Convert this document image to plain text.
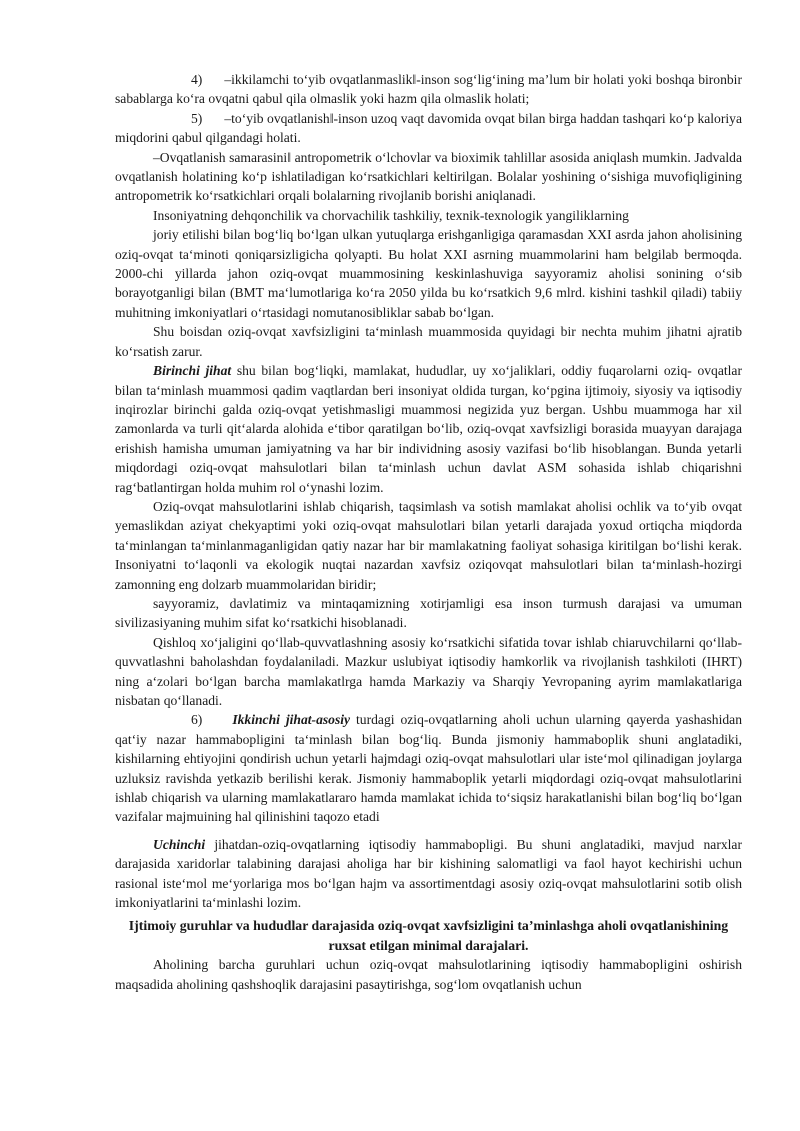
4) –ikkilamchi to‘yib ovqatlanmaslik‖-inson sog‘lig‘ining ma’lum bir holati yoki boshqa bironbir sabablarga ko‘ra ovqatni qabul qila olmaslik yoki hazm qila olmaslik holati;

5) –to‘yib ovqatlanish‖-inson uzoq vaqt davomida ovqat bilan birga haddan tashqari ko‘p kaloriya miqdorini qabul qilgandagi holati.

–Ovqatlanish samarasini‖ antropometrik o‘lchovlar va bioximik tahlillar asosida aniqlash mumkin. Jadvalda ovqatlanish holatining ko‘p ishlatiladigan ko‘rsatkichlari keltirilgan. Bolalar yoshining o‘sishiga muvofiqligining antropometrik ko‘rsatkichlari orqali bolalarning rivojlanib borishi aniqlanadi.

Insoniyatning dehqonchilik va chorvachilik tashkiliy, texnik-texnologik yangiliklarning

joriy etilishi bilan bog‘liq bo‘lgan ulkan yutuqlarga erishganligiga qaramasdan XXI asrda jahon aholisining oziq-ovqat ta‘minoti qoniqarsizligicha qolyapti. Bu holat XXI asrning muammolarini ham belgilab bermoqda. 2000-chi yillarda jahon oziq-ovqat muammosining keskinlashuviga sayyoramiz aholisi sonining o‘sib borayotganligi bilan (BMT ma‘lumotlariga ko‘ra 2050 yilda bu ko‘rsatkich 9,6 mlrd. kishini tashkil qiladi) tabiiy muhitning imkoniyatlari o‘rtasidagi nomutanosibliklar sabab bo‘lgan.

Shu boisdan oziq-ovqat xavfsizligini ta‘minlash muammosida quyidagi bir nechta muhim jihatni ajratib ko‘rsatish zarur.

Birinchi jihat shu bilan bog‘liqki, mamlakat, hududlar, uy xo‘jaliklari, oddiy fuqarolarni oziq- ovqatlar bilan ta‘minlash muammosi qadim vaqtlardan beri insoniyat oldida turgan, ko‘pgina ijtimoiy, siyosiy va iqtisodiy inqirozlar birinchi galda oziq-ovqat yetishmasligi muammosi negizida yuz bergan. Ushbu muammoga har xil zamonlarda va turli qit‘alarda alohida e‘tibor qaratilgan bo‘lib, oziq-ovqat xavfsizligi borasida muayyan darajaga erishish hamisha umuman jamiyatning va har bir individning asosiy vazifasi bo‘lib hisoblangan. Bunda yetarli miqdordagi oziq-ovqat mahsulotlari bilan ta‘minlash uchun davlat ASM sohasida ishlab chiqarishni rag‘batlantirgan holda muhim rol o‘ynashi lozim.

Oziq-ovqat mahsulotlarini ishlab chiqarish, taqsimlash va sotish mamlakat aholisi ochlik va to‘yib ovqat yemaslikdan aziyat chekyaptimi yoki oziq-ovqat mahsulotlari bilan yetarli darajada yoxud ortiqcha miqdorda ta‘minlangan ta‘minlanmaganligidan qatiy nazar har bir mamlakatning faoliyat sohasiga kiritilgan bo‘lishi kerak. Insoniyatni to‘laqonli va ekologik nuqtai nazardan xavfsiz oziqovqat mahsulotlari bilan ta‘minlash-hozirgi zamonning eng dolzarb muammolaridan biridir;

sayyoramiz, davlatimiz va mintaqamizning xotirjamligi esa inson turmush darajasi va umuman sivilizasiyaning muhim sifat ko‘rsatkichi hisoblanadi.

Qishloq xo‘jaligini qo‘llab-quvvatlashning asosiy ko‘rsatkichi sifatida tovar ishlab chiaruvchilarni qo‘llab-quvvatlashni baholashdan foydalaniladi. Mazkur uslubiyat iqtisodiy hamkorlik va rivojlanish tashkiloti (IHRT) ning a‘zolari bo‘lgan barcha mamlakatlrga hamda Markaziy va Sharqiy Yevropaning ayrim mamlakatlariga nisbatan qo‘llanadi.

6) Ikkinchi jihat-asosiy turdagi oziq-ovqatlarning aholi uchun ularning qayerda yashashidan qat‘iy nazar hammabopligini ta‘minlash bilan bog‘liq. Bunda jismoniy hammaboplik shuni anglatadiki, kishilarning ehtiyojini qondirish uchun yetarli hajmdagi oziq-ovqat mahsulotlari ular iste‘mol qilinadigan joylarga uzluksiz ravishda yetkazib berilishi kerak. Jismoniy hammaboplik yetarli miqdordagi oziq-ovqat mahsulotlarini ishlab chiqarish va ularning mamlakatlararo hamda mamlakat ichida to‘siqsiz harakatlanishi bilan bog‘liq bo‘lgan vazifalar majmuining hal qilinishini taqozo etadi

Uchinchi jihatdan-oziq-ovqatlarning iqtisodiy hammabopligi. Bu shuni anglatadiki, mavjud narxlar darajasida xaridorlar talabining darajasi aholiga har bir kishining salomatligi va faol hayot kechirishi uchun rasional iste‘mol me‘yorlariga mos bo‘lgan hajm va assortimentdagi asosiy oziq-ovqat mahsulotlarini sotib olish imkoniyatlarini ta‘minlashi lozim.

Ijtimoiy guruhlar va hududlar darajasida oziq-ovqat xavfsizligini ta’minlashga aholi ovqatlanishining ruxsat etilgan minimal darajalari.

Aholining barcha guruhlari uchun oziq-ovqat mahsulotlarining iqtisodiy hammabopligini oshirish maqsadida aholining qashshoqlik darajasini pasaytirishga, sog‘lom ovqatlanish uchun
